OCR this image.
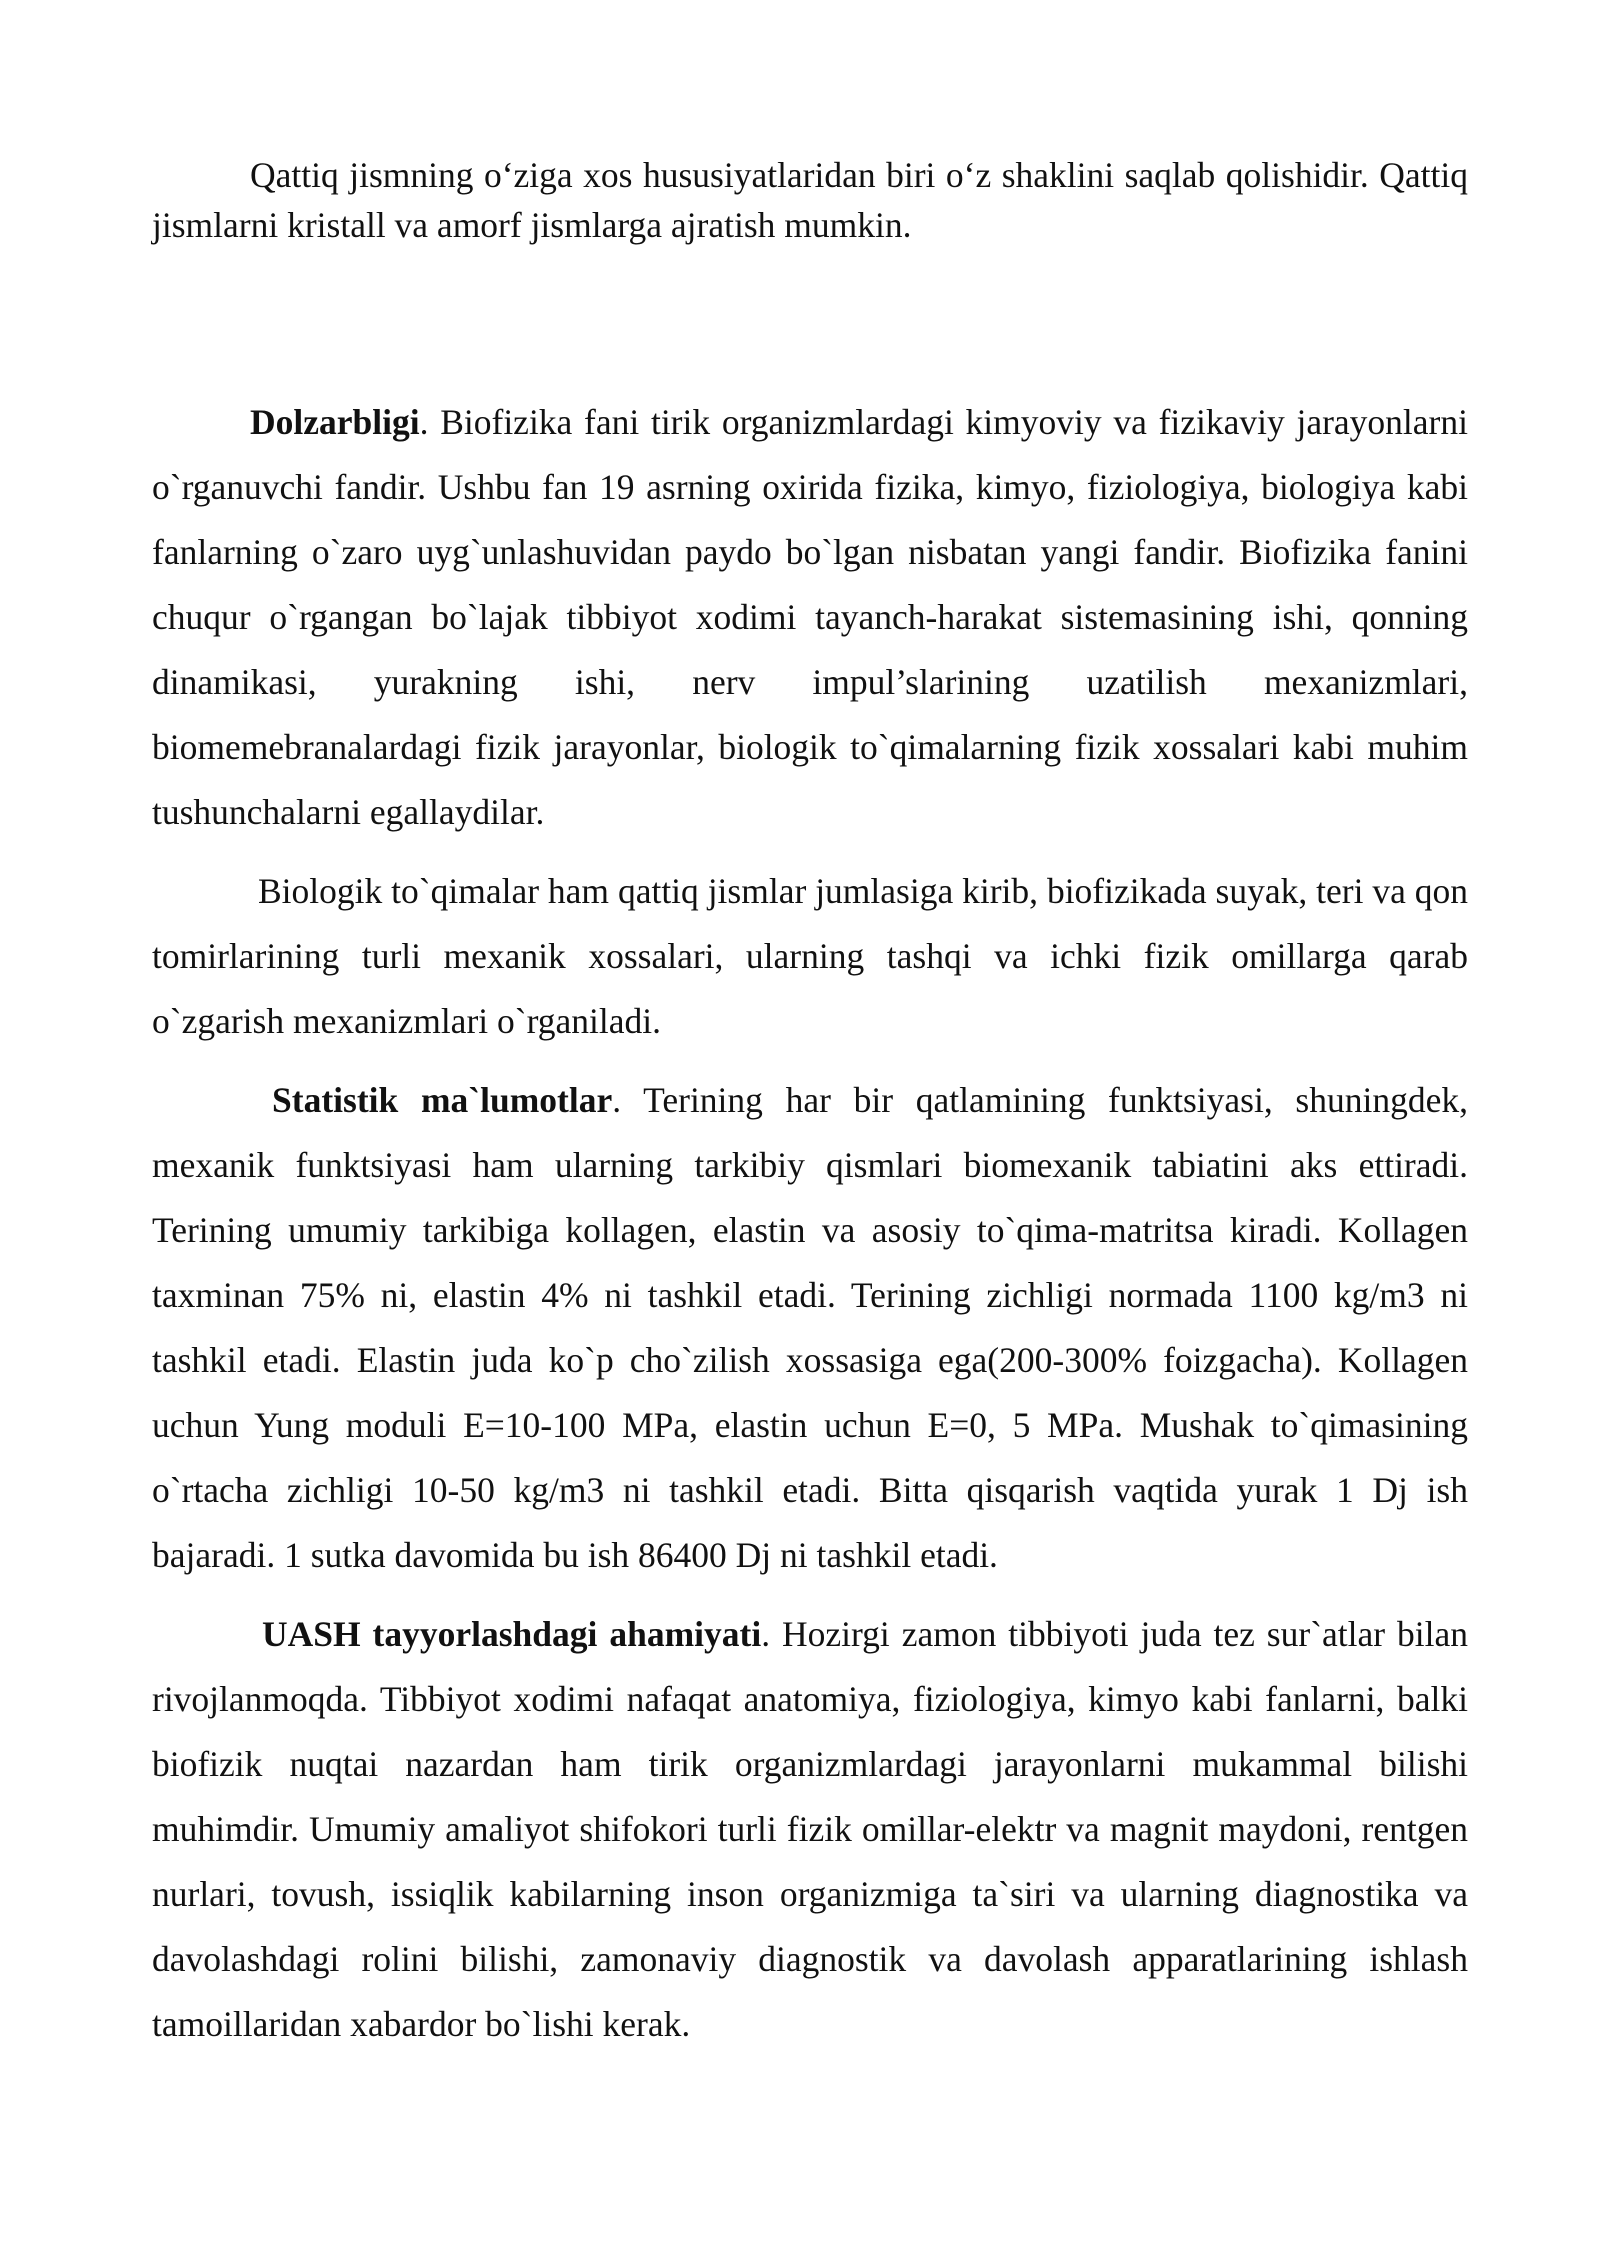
Qattiq jismning o‘ziga xos hususiyatlaridan biri o‘z shaklini saqlab qolishidir. Qattiq jismlarni kristall va amorf jismlarga ajratish mumkin.

Dolzarbligi. Biofizika fani tirik organizmlardagi kimyoviy va fizikaviy jarayonlarni o`rganuvchi fandir. Ushbu fan 19 asrning oxirida fizika, kimyo, fiziologiya, biologiya kabi fanlarning o`zaro uyg`unlashuvidan paydo bo`lgan nisbatan yangi fandir. Biofizika fanini chuqur o`rgangan bo`lajak tibbiyot xodimi tayanch-harakat sistemasining ishi, qonning dinamikasi, yurakning ishi, nerv impul’slarining uzatilish mexanizmlari, biomemebranalardagi fizik jarayonlar, biologik to`qimalarning fizik xossalari kabi muhim tushunchalarni egallaydilar.

Biologik to`qimalar ham qattiq jismlar jumlasiga kirib, biofizikada suyak, teri va qon tomirlarining turli mexanik xossalari, ularning tashqi va ichki fizik omillarga qarab o`zgarish mexanizmlari o`rganiladi.

Statistik ma`lumotlar. Terining har bir qatlamining funktsiyasi, shuningdek, mexanik funktsiyasi ham ularning tarkibiy qismlari biomexanik tabiatini aks ettiradi. Terining umumiy tarkibiga kollagen, elastin va asosiy to`qima-matritsa kiradi. Kollagen taxminan 75% ni, elastin 4% ni tashkil etadi. Terining zichligi normada 1100 kg/m3 ni tashkil etadi. Elastin juda ko`p cho`zilish xossasiga ega(200-300% foizgacha). Kollagen uchun Yung moduli E=10-100 MPa, elastin uchun E=0, 5 MPa. Mushak to`qimasining o`rtacha zichligi 10-50 kg/m3 ni tashkil etadi. Bitta qisqarish vaqtida yurak 1 Dj ish bajaradi. 1 sutka davomida bu ish 86400 Dj ni tashkil etadi.

UASH tayyorlashdagi ahamiyati. Hozirgi zamon tibbiyoti juda tez sur`atlar bilan rivojlanmoqda. Tibbiyot xodimi nafaqat anatomiya, fiziologiya, kimyo kabi fanlarni, balki biofizik nuqtai nazardan ham tirik organizmlardagi jarayonlarni mukammal bilishi muhimdir. Umumiy amaliyot shifokori turli fizik omillar-elektr va magnit maydoni, rentgen nurlari, tovush, issiqlik kabilarning inson organizmiga ta`siri va ularning diagnostika va davolashdagi rolini bilishi, zamonaviy diagnostik va davolash apparatlarining ishlash tamoillaridan xabardor bo`lishi kerak.
